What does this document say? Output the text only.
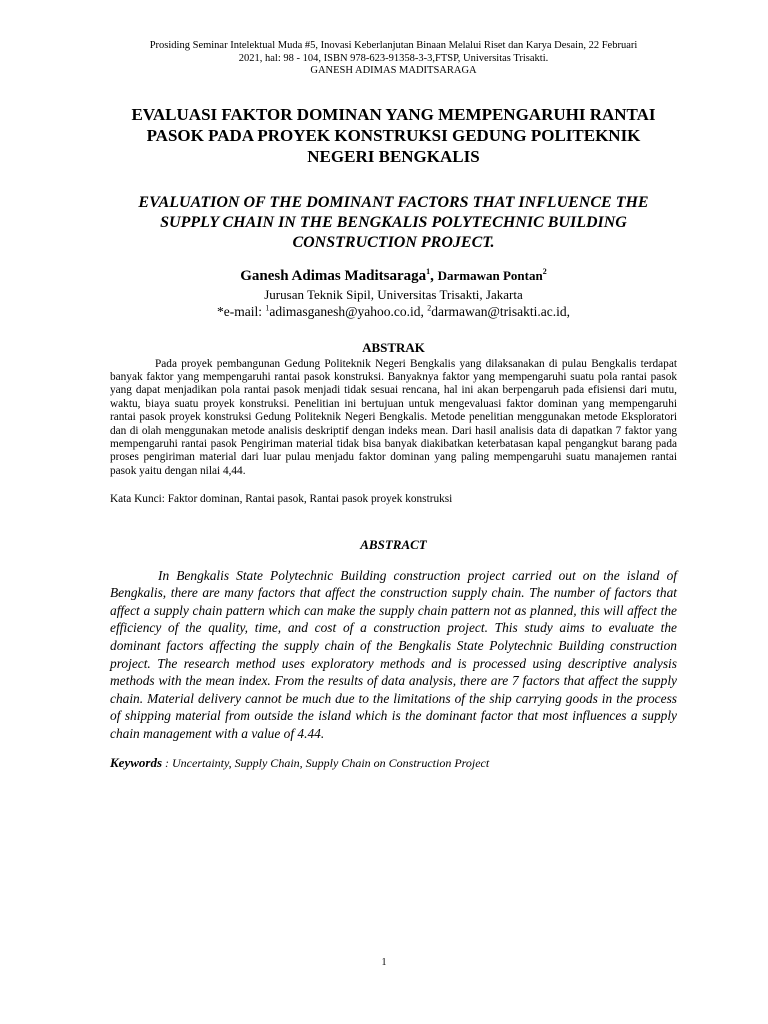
Prosiding Seminar Intelektual Muda #5, Inovasi Keberlanjutan Binaan Melalui Riset dan Karya Desain, 22 Februari
2021, hal: 98 - 104, ISBN 978-623-91358-3-3,FTSP, Universitas Trisakti.
GANESH ADIMAS MADITSARAGA
EVALUASI FAKTOR DOMINAN YANG MEMPENGARUHI RANTAI PASOK PADA PROYEK KONSTRUKSI GEDUNG POLITEKNIK NEGERI BENGKALIS
EVALUATION OF THE DOMINANT FACTORS THAT INFLUENCE THE SUPPLY CHAIN IN THE BENGKALIS POLYTECHNIC BUILDING CONSTRUCTION PROJECT.
Ganesh Adimas Maditsaraga$^1$, Darmawan Pontan$^2$
Jurusan Teknik Sipil, Universitas Trisakti, Jakarta
*e-mail: $^1$adimasganesh@yahoo.co.id, $^2$darmawan@trisakti.ac.id,
ABSTRAK
Pada proyek pembangunan Gedung Politeknik Negeri Bengkalis yang dilaksanakan di pulau Bengkalis terdapat banyak faktor yang mempengaruhi rantai pasok konstruksi. Banyaknya faktor yang mempengaruhi suatu pola rantai pasok yang dapat menjadikan pola rantai pasok menjadi tidak sesuai rencana, hal ini akan berpengaruh pada efisiensi dari mutu, waktu, biaya suatu proyek konstruksi. Penelitian ini bertujuan untuk mengevaluasi faktor dominan yang mempengaruhi rantai pasok proyek konstruksi Gedung Politeknik Negeri Bengkalis. Metode penelitian menggunakan metode Eksploratori dan di olah menggunakan metode analisis deskriptif dengan indeks mean. Dari hasil analisis data di dapatkan 7 faktor yang mempengaruhi rantai pasok Pengiriman material tidak bisa banyak diakibatkan keterbatasan kapal pengangkut barang pada proses pengiriman material dari luar pulau menjadu faktor dominan yang paling mempengaruhi suatu manajemen rantai pasok yaitu dengan nilai 4,44.
Kata Kunci: Faktor dominan, Rantai pasok, Rantai pasok proyek konstruksi
ABSTRACT
In Bengkalis State Polytechnic Building construction project carried out on the island of Bengkalis, there are many factors that affect the construction supply chain. The number of factors that affect a supply chain pattern which can make the supply chain pattern not as planned, this will affect the efficiency of the quality, time, and cost of a construction project. This study aims to evaluate the dominant factors affecting the supply chain of the Bengkalis State Polytechnic Building construction project. The research method uses exploratory methods and is processed using descriptive analysis methods with the mean index. From the results of data analysis, there are 7 factors that affect the supply chain. Material delivery cannot be much due to the limitations of the ship carrying goods in the process of shipping material from outside the island which is the dominant factor that most influences a supply chain management with a value of 4.44.
Keywords : Uncertainty, Supply Chain, Supply Chain on Construction Project
1
